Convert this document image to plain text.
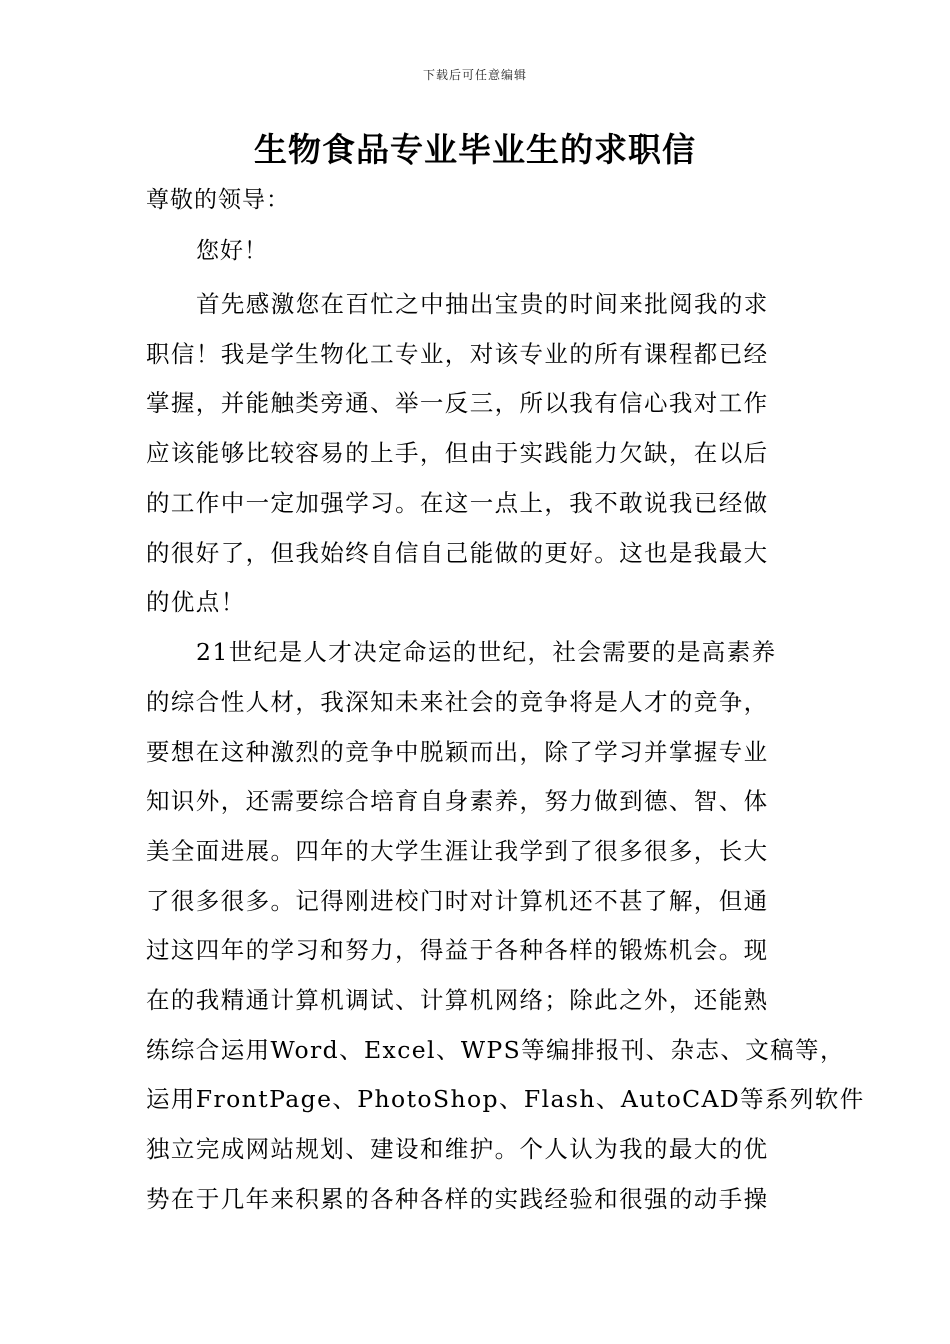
下载后可任意编辑
生物食品专业毕业生的求职信
尊敬的领导：
您好！
首先感激您在百忙之中抽出宝贵的时间来批阅我的求
职信！我是学生物化工专业，对该专业的所有课程都已经
掌握，并能触类旁通、举一反三，所以我有信心我对工作
应该能够比较容易的上手，但由于实践能力欠缺，在以后
的工作中一定加强学习。在这一点上，我不敢说我已经做
的很好了，但我始终自信自己能做的更好。这也是我最大
的优点！
21世纪是人才决定命运的世纪，社会需要的是高素养
的综合性人材，我深知未来社会的竞争将是人才的竞争，
要想在这种激烈的竞争中脱颖而出，除了学习并掌握专业
知识外，还需要综合培育自身素养，努力做到德、智、体
美全面进展。四年的大学生涯让我学到了很多很多，长大
了很多很多。记得刚进校门时对计算机还不甚了解，但通
过这四年的学习和努力，得益于各种各样的锻炼机会。现
在的我精通计算机调试、计算机网络；除此之外，还能熟
练综合运用Word、Excel、WPS等编排报刊、杂志、文稿等，
运用FrontPage、PhotoShop、Flash、AutoCAD等系列软件
独立完成网站规划、建设和维护。个人认为我的最大的优
势在于几年来积累的各种各样的实践经验和很强的动手操
